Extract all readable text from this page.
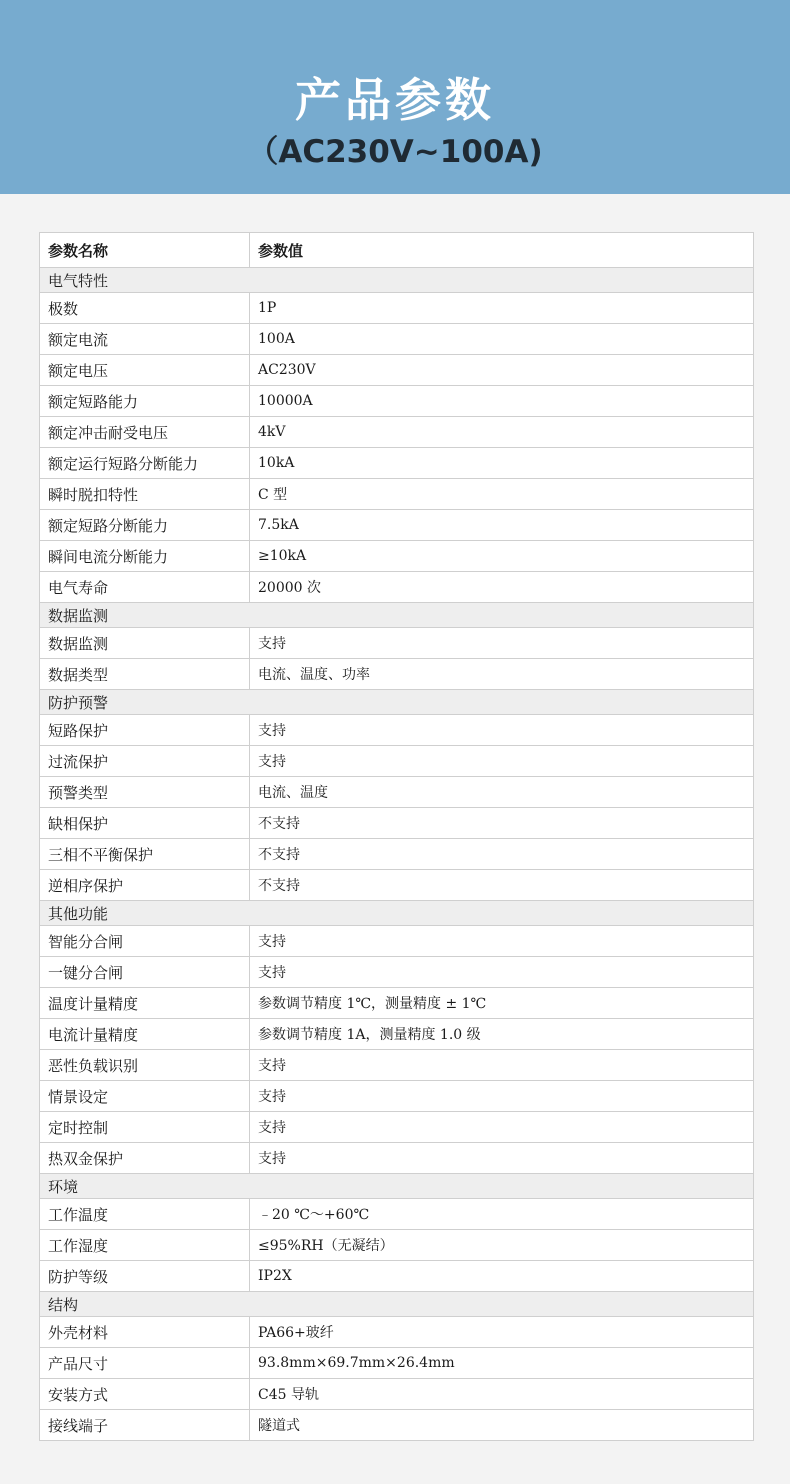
产品参数
（AC230V~100A)
参数名称	参数值
电气特性	
极数	1P
额定电流	100A
额定电压	AC230V
额定短路能力	10000A
额定冲击耐受电压	4kV
额定运行短路分断能力	10kA
瞬时脱扣特性	C 型
额定短路分断能力	7.5kA
瞬间电流分断能力	≥10kA
电气寿命	20000 次
数据监测	
数据监测	支持
数据类型	电流、温度、功率
防护预警	
短路保护	支持
过流保护	支持
预警类型	电流、温度
缺相保护	不支持
三相不平衡保护	不支持
逆相序保护	不支持
其他功能	
智能分合闸	支持
一键分合闸	支持
温度计量精度	参数调节精度 1℃，测量精度 ± 1℃
电流计量精度	参数调节精度 1A，测量精度 1.0 级
恶性负载识别	支持
情景设定	支持
定时控制	支持
热双金保护	支持
环境	
工作温度	﹣20 ℃～+60℃
工作湿度	≤95%RH（无凝结）
防护等级	IP2X
结构	
外壳材料	PA66+玻纤
产品尺寸	93.8mm×69.7mm×26.4mm
安装方式	C45 导轨
接线端子	隧道式
